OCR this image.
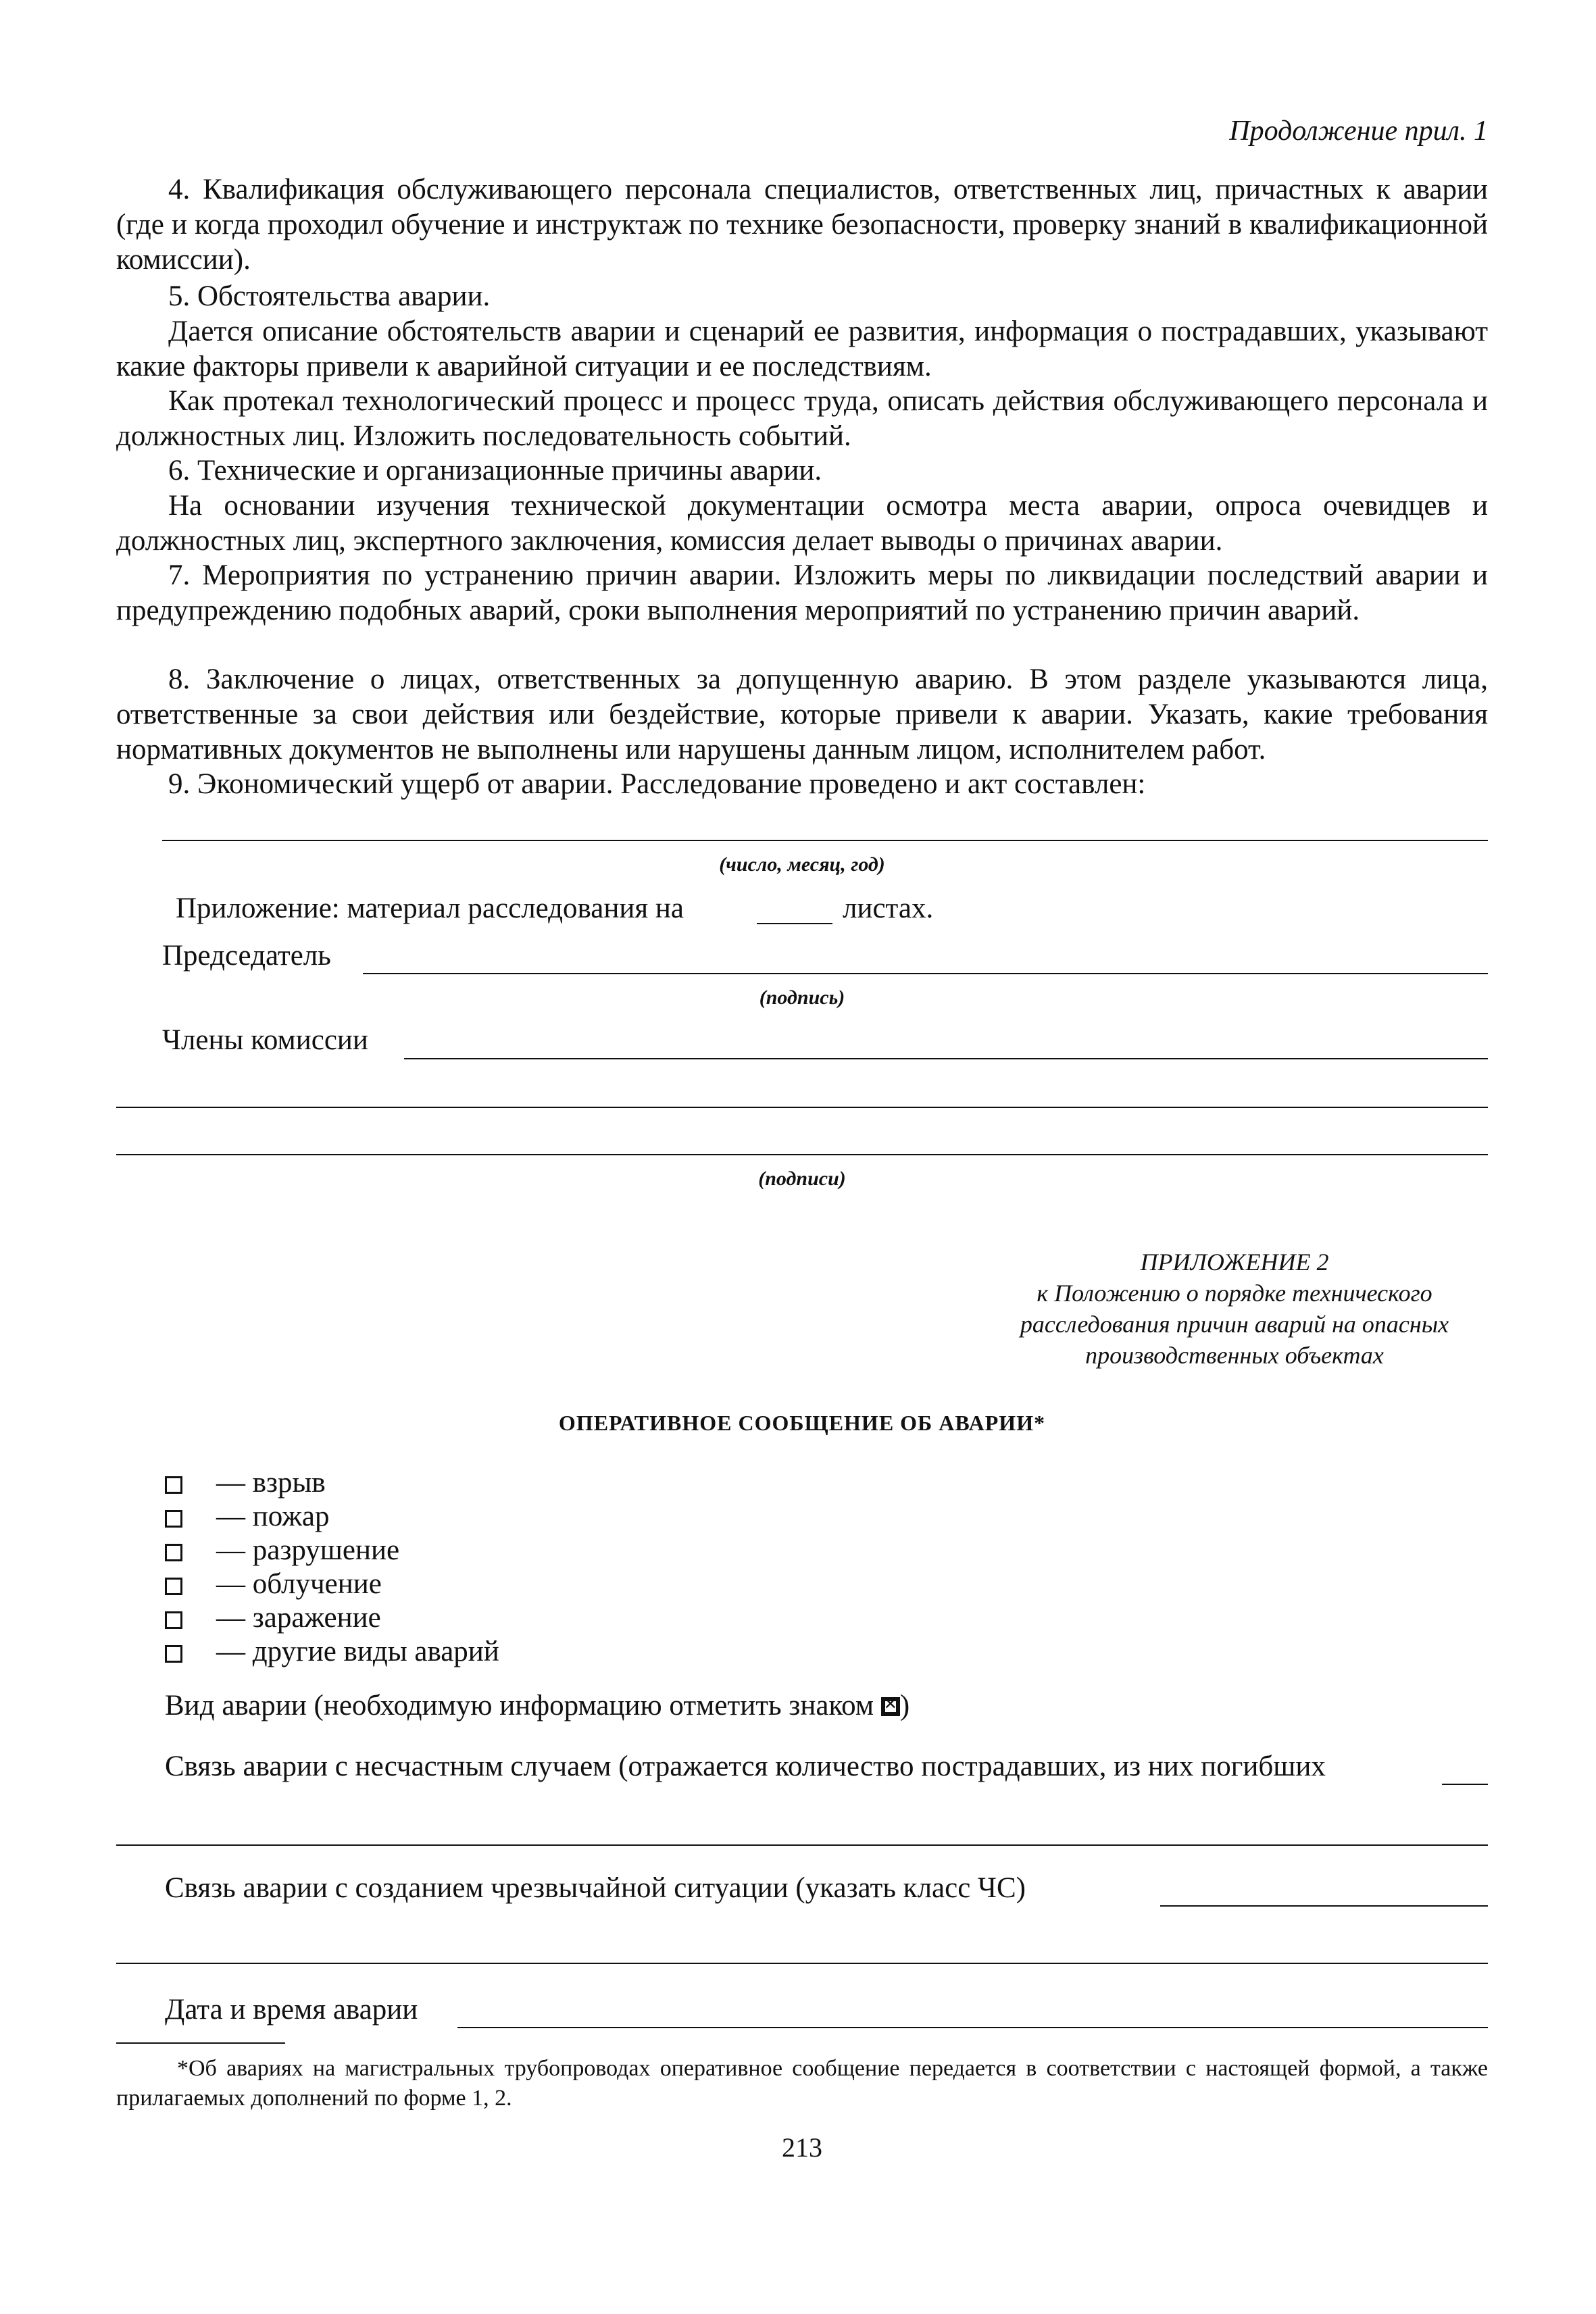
Продолжение прил. 1

4. Квалификация обслуживающего персонала специалистов, ответственных лиц, причастных к аварии (где и когда проходил обучение и инструктаж по технике безопасности, проверку знаний в квалификационной комиссии).

5. Обстоятельства аварии.

Дается описание обстоятельств аварии и сценарий ее развития, информация о пострадавших, указывают какие факторы привели к аварийной ситуации и ее последствиям.

Как протекал технологический процесс и процесс труда, описать действия обслуживающего персонала и должностных лиц. Изложить последовательность событий.

6. Технические и организационные причины аварии.

На основании изучения технической документации осмотра места аварии, опроса очевидцев и должностных лиц, экспертного заключения, комиссия делает выводы о причинах аварии.

7. Мероприятия по устранению причин аварии. Изложить меры по ликвидации последствий аварии и предупреждению подобных аварий, сроки выполнения мероприятий по устранению причин аварий.

8. Заключение о лицах, ответственных за допущенную аварию. В этом разделе указываются лица, ответственные за свои действия или бездействие, которые привели к аварии. Указать, какие требования нормативных документов не выполнены или нарушены данным лицом, исполнителем работ.

9. Экономический ущерб от аварии. Расследование проведено и акт составлен:

(число, месяц, год)
Приложение: материал расследования на	листах.
Председатель
(подпись)
Члены комиссии
(подписи)
ПРИЛОЖЕНИЕ 2
к Положению о порядке технического
расследования причин аварий на опасных
производственных объектах
ОПЕРАТИВНОЕ СООБЩЕНИЕ ОБ АВАРИИ*
— взрыв
— пожар
— разрушение
— облучение
— заражение
— другие виды аварий
Вид аварии (необходимую информацию отметить знаком ✕ )
Связь аварии с несчастным случаем (отражается количество пострадавших, из них погибших
Связь аварии с созданием чрезвычайной ситуации (указать класс ЧС)
Дата и время аварии
*Об авариях на магистральных трубопроводах оперативное сообщение передается в соответствии с настоящей формой, а также прилагаемых дополнений по форме 1, 2.
213
